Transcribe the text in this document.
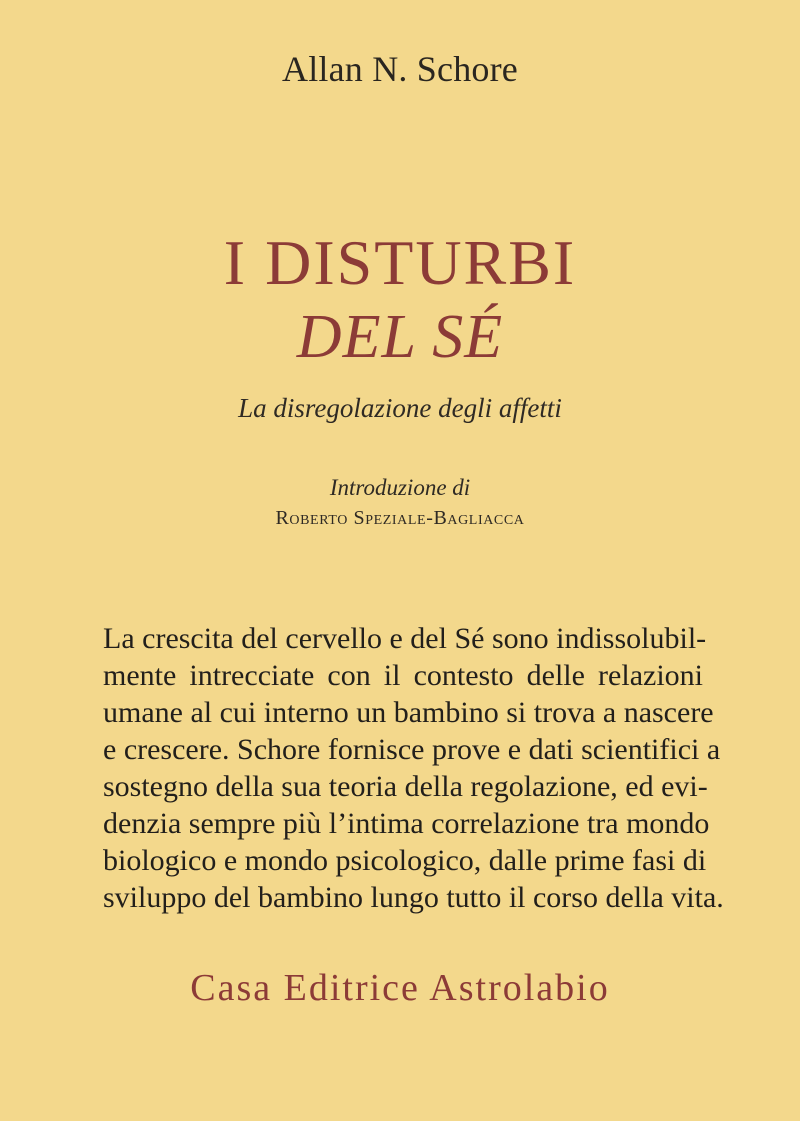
Allan N. Schore
I DISTURBI
DEL SÉ
La disregolazione degli affetti
Introduzione di
Roberto Speziale-Bagliacca
La crescita del cervello e del Sé sono indissolubil-
mente intrecciate con il contesto delle relazioni
umane al cui interno un bambino si trova a nascere
e crescere. Schore fornisce prove e dati scientifici a
sostegno della sua teoria della regolazione, ed evi-
denzia sempre più l’intima correlazione tra mondo
biologico e mondo psicologico, dalle prime fasi di
sviluppo del bambino lungo tutto il corso della vita.
Casa Editrice Astrolabio
